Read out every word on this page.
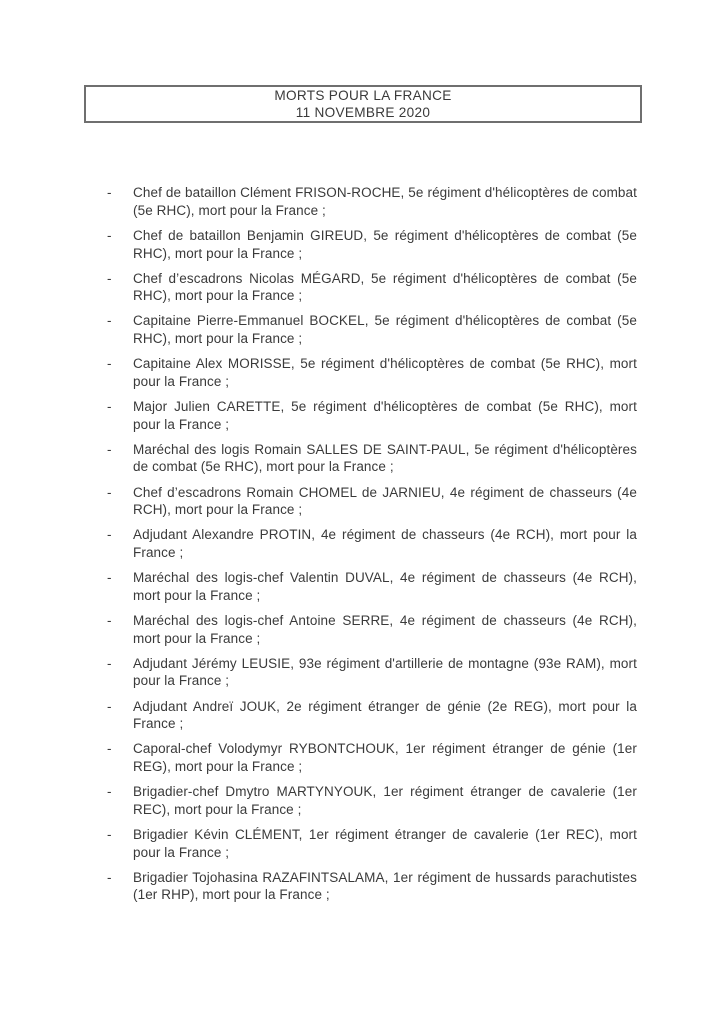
MORTS POUR LA FRANCE
11 NOVEMBRE 2020
- Chef de bataillon Clément FRISON-ROCHE, 5e régiment d'hélicoptères de combat (5e RHC), mort pour la France ;
- Chef de bataillon Benjamin GIREUD, 5e régiment d'hélicoptères de combat (5e RHC), mort pour la France ;
- Chef d’escadrons Nicolas MÉGARD, 5e régiment d'hélicoptères de combat (5e RHC), mort pour la France ;
- Capitaine Pierre-Emmanuel BOCKEL, 5e régiment d'hélicoptères de combat (5e RHC), mort pour la France ;
- Capitaine Alex MORISSE, 5e régiment d'hélicoptères de combat (5e RHC), mort pour la France ;
- Major Julien CARETTE, 5e régiment d'hélicoptères de combat (5e RHC), mort pour la France ;
- Maréchal des logis Romain SALLES DE SAINT-PAUL, 5e régiment d'hélicoptères de combat (5e RHC), mort pour la France ;
- Chef d’escadrons Romain CHOMEL de JARNIEU, 4e régiment de chasseurs (4e RCH), mort pour la France ;
- Adjudant Alexandre PROTIN, 4e régiment de chasseurs (4e RCH), mort pour la France ;
- Maréchal des logis-chef Valentin DUVAL, 4e régiment de chasseurs (4e RCH), mort pour la France ;
- Maréchal des logis-chef Antoine SERRE, 4e régiment de chasseurs (4e RCH), mort pour la France ;
- Adjudant Jérémy LEUSIE, 93e régiment d'artillerie de montagne (93e RAM), mort pour la France ;
- Adjudant Andreï JOUK, 2e régiment étranger de génie (2e REG), mort pour la France ;
- Caporal-chef Volodymyr RYBONTCHOUK, 1er régiment étranger de génie (1er REG), mort pour la France ;
- Brigadier-chef Dmytro MARTYNYOUK, 1er régiment étranger de cavalerie (1er REC), mort pour la France ;
- Brigadier Kévin CLÉMENT, 1er régiment étranger de cavalerie (1er REC), mort pour la France ;
- Brigadier Tojohasina RAZAFINTSALAMA, 1er régiment de hussards parachutistes (1er RHP), mort pour la France ;
